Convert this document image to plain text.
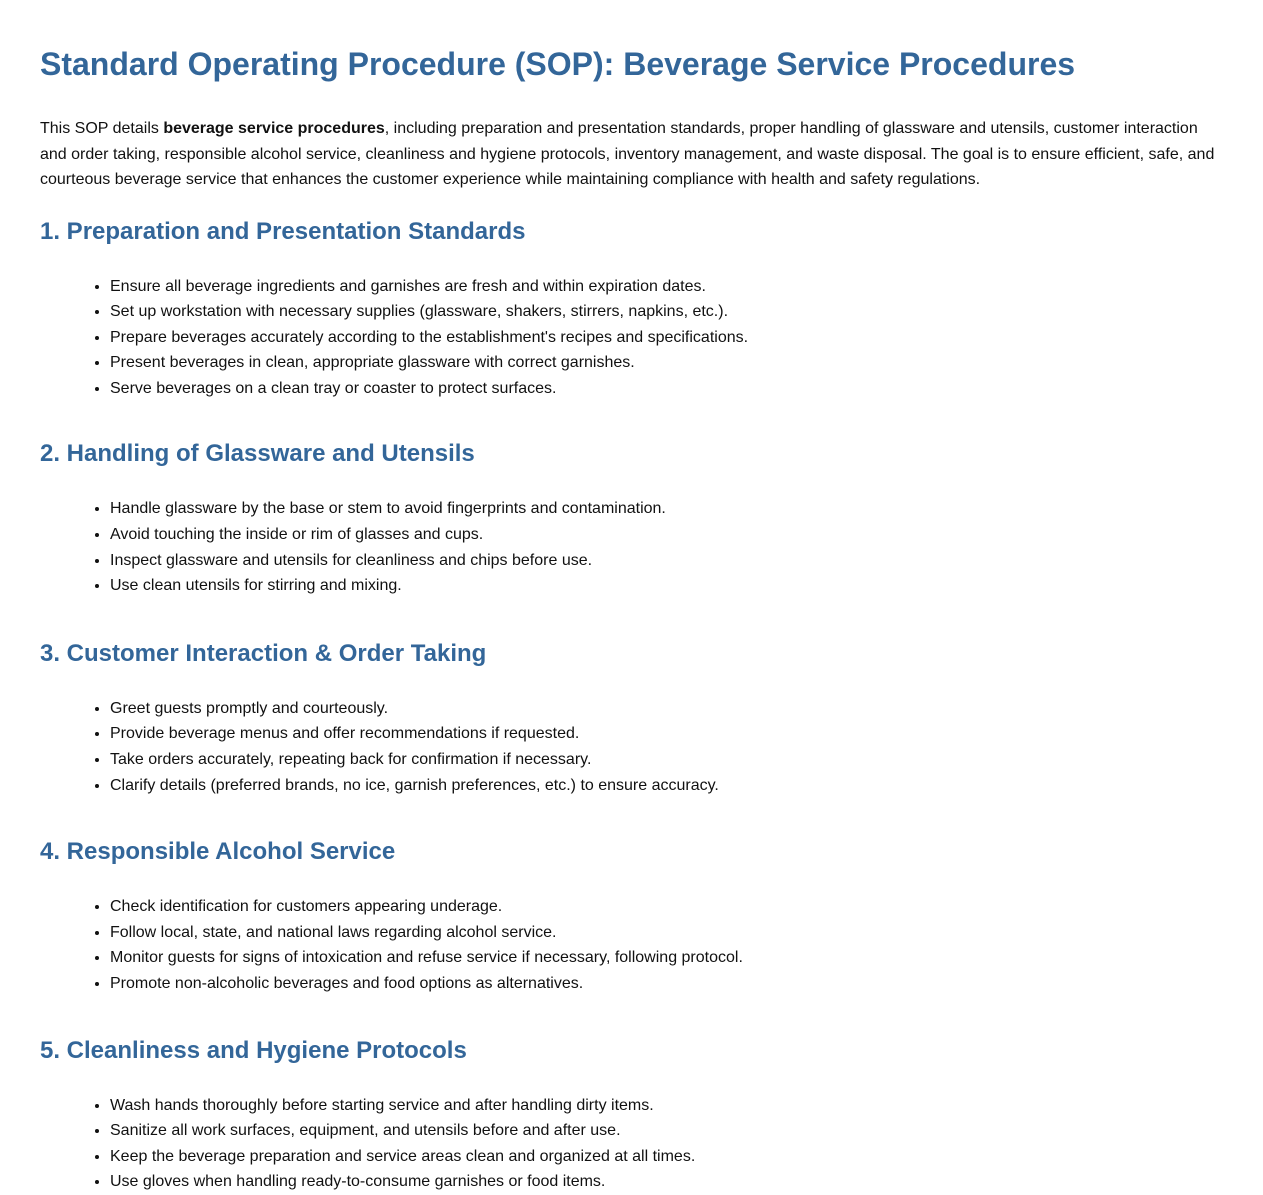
Standard Operating Procedure (SOP): Beverage Service Procedures

This SOP details beverage service procedures, including preparation and presentation standards, proper handling of glassware and utensils, customer interaction and order taking, responsible alcohol service, cleanliness and hygiene protocols, inventory management, and waste disposal. The goal is to ensure efficient, safe, and courteous beverage service that enhances the customer experience while maintaining compliance with health and safety regulations.

1. Preparation and Presentation Standards
• Ensure all beverage ingredients and garnishes are fresh and within expiration dates.
• Set up workstation with necessary supplies (glassware, shakers, stirrers, napkins, etc.).
• Prepare beverages accurately according to the establishment's recipes and specifications.
• Present beverages in clean, appropriate glassware with correct garnishes.
• Serve beverages on a clean tray or coaster to protect surfaces.
2. Handling of Glassware and Utensils
• Handle glassware by the base or stem to avoid fingerprints and contamination.
• Avoid touching the inside or rim of glasses and cups.
• Inspect glassware and utensils for cleanliness and chips before use.
• Use clean utensils for stirring and mixing.
3. Customer Interaction & Order Taking
• Greet guests promptly and courteously.
• Provide beverage menus and offer recommendations if requested.
• Take orders accurately, repeating back for confirmation if necessary.
• Clarify details (preferred brands, no ice, garnish preferences, etc.) to ensure accuracy.
4. Responsible Alcohol Service
• Check identification for customers appearing underage.
• Follow local, state, and national laws regarding alcohol service.
• Monitor guests for signs of intoxication and refuse service if necessary, following protocol.
• Promote non-alcoholic beverages and food options as alternatives.
5. Cleanliness and Hygiene Protocols
• Wash hands thoroughly before starting service and after handling dirty items.
• Sanitize all work surfaces, equipment, and utensils before and after use.
• Keep the beverage preparation and service areas clean and organized at all times.
• Use gloves when handling ready-to-consume garnishes or food items.
